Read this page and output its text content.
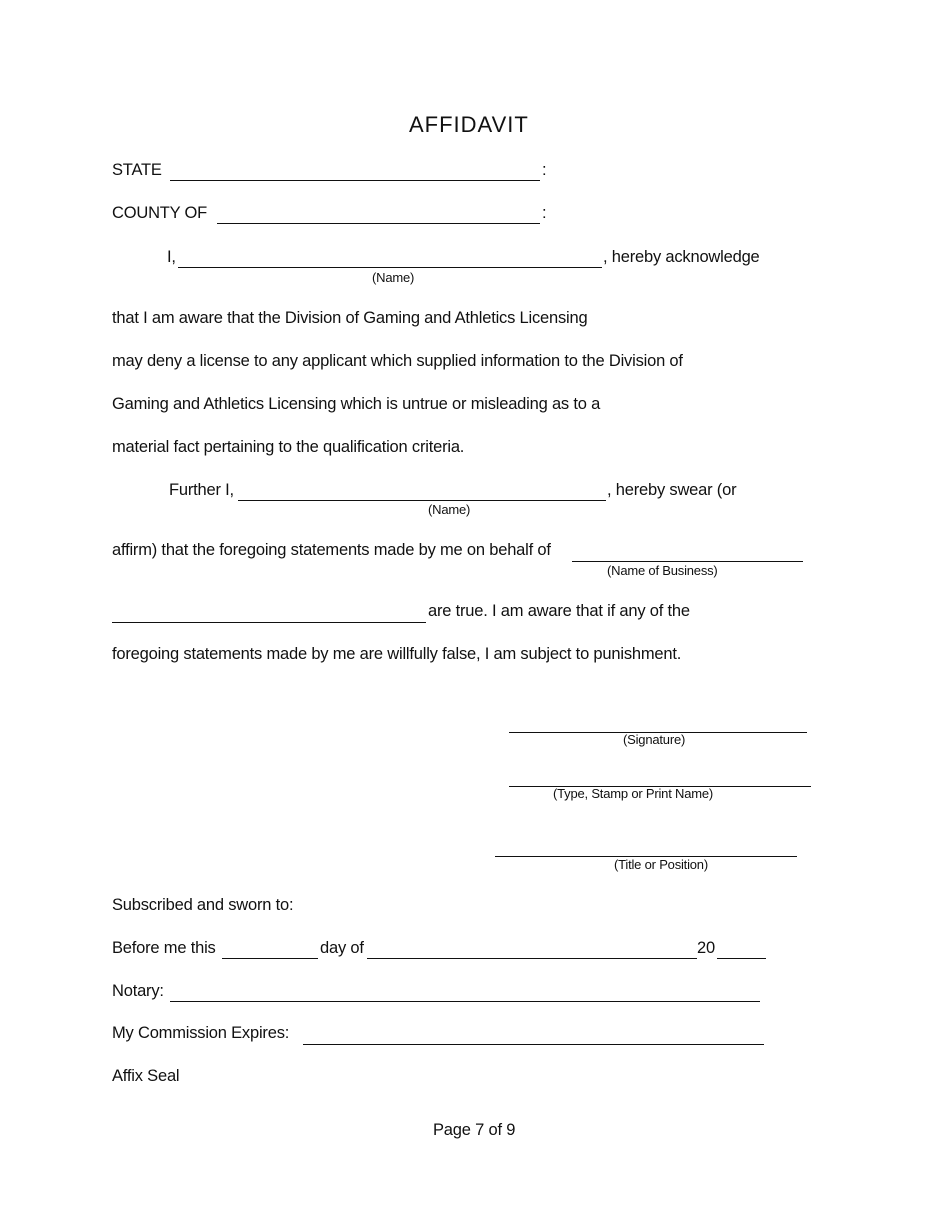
AFFIDAVIT
STATE	:
COUNTY OF	:
I,	, hereby acknowledge
(Name)
that I am aware that the Division of Gaming and Athletics Licensing
may deny a license to any applicant which supplied information to the Division of
Gaming and Athletics Licensing which is untrue or misleading as to a
material fact pertaining to the qualification criteria.
Further I,	, hereby swear (or
(Name)
affirm) that the foregoing statements made by me on behalf of
(Name of Business)
are true. I am aware that if any of the
foregoing statements made by me are willfully false, I am subject to punishment.
(Signature)
(Type, Stamp or Print Name)
(Title or Position)
Subscribed and sworn to:
Before me this	day of	20
Notary:
My Commission Expires:
Affix Seal
Page 7 of 9
